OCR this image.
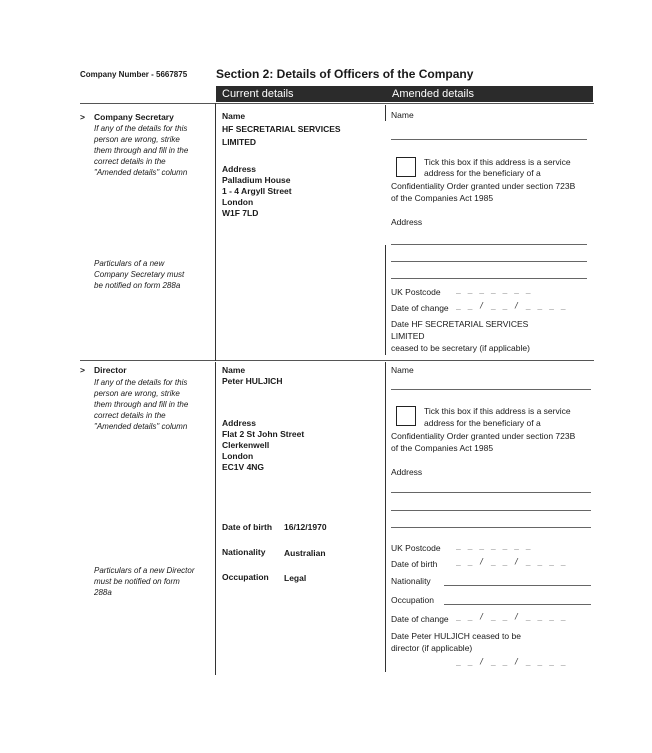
Company Number - 5667875 Section 2: Details of Officers of the Company
Current details	Amended details
> Company Secretary
If any of the details for this
person are wrong, strike
them through and fill in the
correct details in the
"Amended details" column
Particulars of a new
Company Secretary must
be notified on form 288a
Name
HF SECRETARIAL SERVICES
LIMITED
Address
Palladium House
1 - 4 Argyll Street
London
W1F 7LD
Name
Tick this box if this address is a service
address for the beneficiary of a
Confidentiality Order granted under section 723B
of the Companies Act 1985
Address
UK Postcode _ _ _ _ _ _ _
Date of change _ _ / _ _ / _ _ _ _
Date HF SECRETARIAL SERVICES
LIMITED
ceased to be secretary (if applicable)
> Director
If any of the details for this
person are wrong, strike
them through and fill in the
correct details in the
"Amended details" column
Particulars of a new Director
must be notified on form
288a
Name
Peter HULJICH
Address
Flat 2 St John Street
Clerkenwell
London
EC1V 4NG
Date of birth 16/12/1970
Nationality Australian
Occupation Legal
Name
Tick this box if this address is a service
address for the beneficiary of a
Confidentiality Order granted under section 723B
of the Companies Act 1985
Address
UK Postcode _ _ _ _ _ _ _
Date of birth _ _ / _ _ / _ _ _ _
Nationality
Occupation
Date of change _ _ / _ _ / _ _ _ _
Date Peter HULJICH ceased to be
director (if applicable)
_ _ / _ _ / _ _ _ _
